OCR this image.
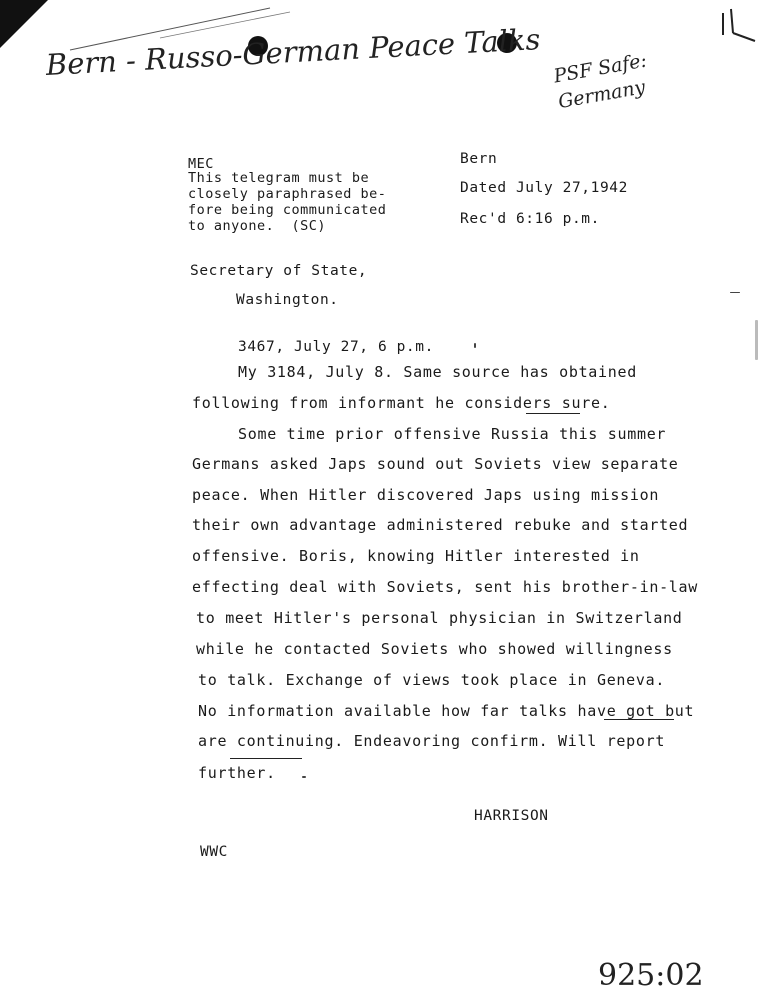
Bern - Russo-German Peace Talks PSF Safe: Germany
MEC
This telegram must be
closely paraphrased be-
fore being communicated
to anyone.  (SC)
Bern
Dated July 27,1942
Rec'd 6:16 p.m.
Secretary of State,
Washington.
3467, July 27, 6 p.m.
My 3184, July 8. Same source has obtained
following from informant he considers sure.
Some time prior offensive Russia this summer
Germans asked Japs sound out Soviets view separate
peace. When Hitler discovered Japs using mission
their own advantage administered rebuke and started
offensive. Boris, knowing Hitler interested in
effecting deal with Soviets, sent his brother-in-law
to meet Hitler's personal physician in Switzerland
while he contacted Soviets who showed willingness
to talk. Exchange of views took place in Geneva.
No information available how far talks have got but
are continuing. Endeavoring confirm. Will report
further.
HARRISON
WWC
925:02
